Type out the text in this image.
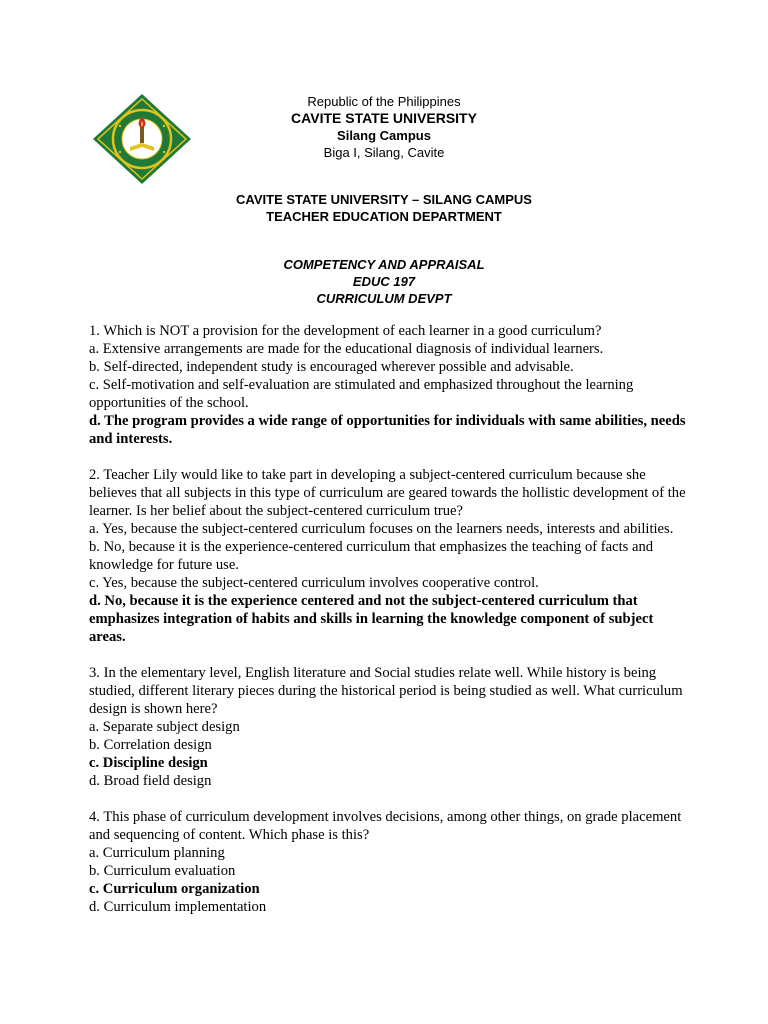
Republic of the Philippines
CAVITE STATE UNIVERSITY
Silang Campus
Biga I, Silang, Cavite
CAVITE STATE UNIVERSITY – SILANG CAMPUS
TEACHER EDUCATION DEPARTMENT
COMPETENCY AND APPRAISAL
EDUC 197
CURRICULUM DEVPT

1. Which is NOT a provision for the development of each learner in a good curriculum?

a. Extensive arrangements are made for the educational diagnosis of individual learners.

b. Self-directed, independent study is encouraged wherever possible and advisable.

c. Self-motivation and self-evaluation are stimulated and emphasized throughout the learning opportunities of the school.

d. The program provides a wide range of opportunities for individuals with same abilities, needs and interests.

2. Teacher Lily would like to take part in developing a subject-centered curriculum because she believes that all subjects in this type of curriculum are geared towards the hollistic development of the learner. Is her belief about the subject-centered curriculum true?

a. Yes, because the subject-centered curriculum focuses on the learners needs, interests and abilities.

b. No, because it is the experience-centered curriculum that emphasizes the teaching of facts and knowledge for future use.

c. Yes, because the subject-centered curriculum involves cooperative control.

d. No, because it is the experience centered and not the subject-centered curriculum that emphasizes integration of habits and skills in learning the knowledge component of subject areas.

3. In the elementary level, English literature and Social studies relate well. While history is being studied, different literary pieces during the historical period is being studied as well. What curriculum design is shown here?

a. Separate subject design

b. Correlation design

c. Discipline design

d. Broad field design

4. This phase of curriculum development involves decisions, among other things, on grade placement and sequencing of content. Which phase is this?

a. Curriculum planning

b. Curriculum evaluation

c. Curriculum organization

d. Curriculum implementation
